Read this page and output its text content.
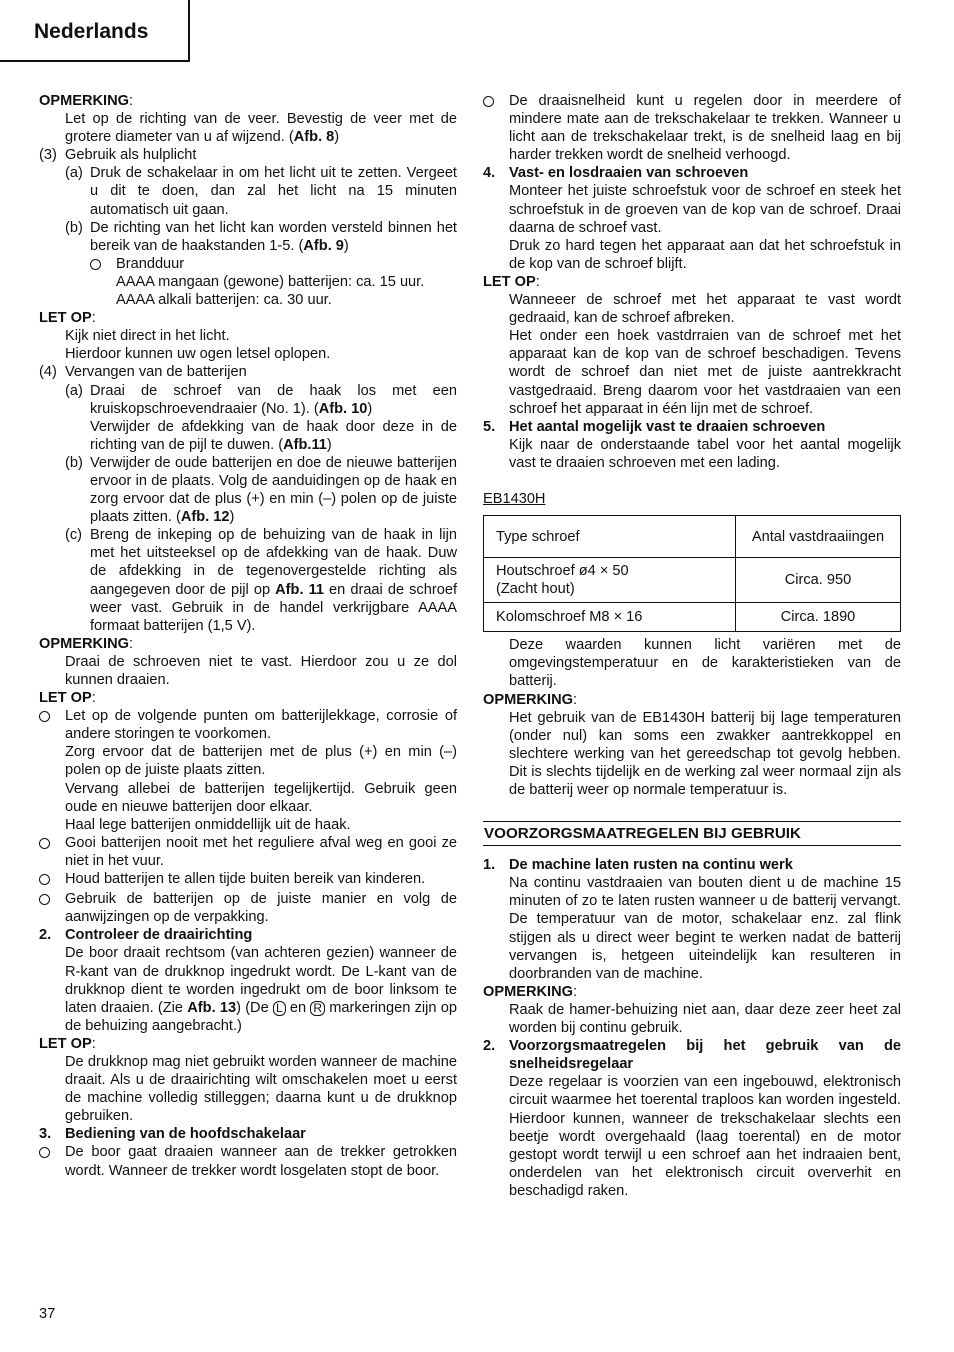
Nederlands
OPMERKING:
Let op de richting van de veer. Bevestig de veer met de grotere diameter van u af wijzend. (Afb. 8)
(3) Gebruik als hulplicht
(a) Druk de schakelaar in om het licht uit te zetten. Vergeet u dit te doen, dan zal het licht na 15 minuten automatisch uit gaan.
(b) De richting van het licht kan worden versteld binnen het bereik van de haakstanden 1-5. (Afb. 9)
Brandduur
AAAA mangaan (gewone) batterijen: ca. 15 uur.
AAAA alkali batterijen: ca. 30 uur.
LET OP:
Kijk niet direct in het licht.
Hierdoor kunnen uw ogen letsel oplopen.
(4) Vervangen van de batterijen
(a) Draai de schroef van de haak los met een kruiskopschroevendraaier (No. 1). (Afb. 10)
Verwijder de afdekking van de haak door deze in de richting van de pijl te duwen. (Afb.11)
(b) Verwijder de oude batterijen en doe de nieuwe batterijen ervoor in de plaats. Volg de aanduidingen op de haak en zorg ervoor dat de plus (+) en min (–) polen op de juiste plaats zitten. (Afb. 12)
(c) Breng de inkeping op de behuizing van de haak in lijn met het uitsteeksel op de afdekking van de haak. Duw de afdekking in de tegenovergestelde richting als aangegeven door de pijl op Afb. 11 en draai de schroef weer vast. Gebruik in de handel verkrijgbare AAAA formaat batterijen (1,5 V).
OPMERKING:
Draai de schroeven niet te vast. Hierdoor zou u ze dol kunnen draaien.
LET OP:
Let op de volgende punten om batterijlekkage, corrosie of andere storingen te voorkomen.
Zorg ervoor dat de batterijen met de plus (+) en min (–) polen op de juiste plaats zitten.
Vervang allebei de batterijen tegelijkertijd. Gebruik geen oude en nieuwe batterijen door elkaar.
Haal lege batterijen onmiddellijk uit de haak.
Gooi batterijen nooit met het reguliere afval weg en gooi ze niet in het vuur.
Houd batterijen te allen tijde buiten bereik van kinderen.
Gebruik de batterijen op de juiste manier en volg de aanwijzingen op de verpakking.
2. Controleer de draairichting
De boor draait rechtsom (van achteren gezien) wanneer de R-kant van de drukknop ingedrukt wordt. De L-kant van de drukknop dient te worden ingedrukt om de boor linksom te laten draaien. (Zie Afb. 13) (De L en R markeringen zijn op de behuizing aangebracht.)
LET OP:
De drukknop mag niet gebruikt worden wanneer de machine draait. Als u de draairichting wilt omschakelen moet u eerst de machine volledig stilleggen; daarna kunt u de drukknop gebruiken.
3. Bediening van de hoofdschakelaar
De boor gaat draaien wanneer aan de trekker getrokken wordt. Wanneer de trekker wordt losgelaten stopt de boor.
De draaisnelheid kunt u regelen door in meerdere of mindere mate aan de trekschakelaar te trekken. Wanneer u licht aan de trekschakelaar trekt, is de snelheid laag en bij harder trekken wordt de snelheid verhoogd.
4. Vast- en losdraaien van schroeven
Monteer het juiste schroefstuk voor de schroef en steek het schroefstuk in de groeven van de kop van de schroef. Draai daarna de schroef vast.
Druk zo hard tegen het apparaat aan dat het schroefstuk in de kop van de schroef blijft.
LET OP:
Wanneeer de schroef met het apparaat te vast wordt gedraaid, kan de schroef afbreken.
Het onder een hoek vastdrraien van de schroef met het apparaat kan de kop van de schroef beschadigen. Tevens wordt de schroef dan niet met de juiste aantrekkracht vastgedraaid. Breng daarom voor het vastdraaien van een schroef het apparaat in één lijn met de schroef.
5. Het aantal mogelijk vast te draaien schroeven
Kijk naar de onderstaande tabel voor het aantal mogelijk vast te draaien schroeven met een lading.
EB1430H
Type schroef	Antal vastdraaiingen
Houtschroef ø4 × 50
(Zacht hout)	Circa. 950
Kolomschroef M8 × 16	Circa. 1890
Deze waarden kunnen licht variëren met de omgevingstemperatuur en de karakteristieken van de batterij.
OPMERKING:
Het gebruik van de EB1430H batterij bij lage temperaturen (onder nul) kan soms een zwakker aantrekkoppel en slechtere werking van het gereedschap tot gevolg hebben. Dit is slechts tijdelijk en de werking zal weer normaal zijn als de batterij weer op normale temperatuur is.
VOORZORGSMAATREGELEN BIJ GEBRUIK
1. De machine laten rusten na continu werk
Na continu vastdraaien van bouten dient u de machine 15 minuten of zo te laten rusten wanneer u de batterij vervangt. De temperatuur van de motor, schakelaar enz. zal flink stijgen als u direct weer begint te werken nadat de batterij vervangen is, hetgeen uiteindelijk kan resulteren in doorbranden van de machine.
OPMERKING:
Raak de hamer-behuizing niet aan, daar deze zeer heet zal worden bij continu gebruik.
2. Voorzorgsmaatregelen bij het gebruik van de snelheidsregelaar
Deze regelaar is voorzien van een ingebouwd, elektronisch circuit waarmee het toerental traploos kan worden ingesteld. Hierdoor kunnen, wanneer de trekschakelaar slechts een beetje wordt overgehaald (laag toerental) en de motor gestopt wordt terwijl u een schroef aan het indraaien bent, onderdelen van het elektronisch circuit oververhit en beschadigd raken.
37
